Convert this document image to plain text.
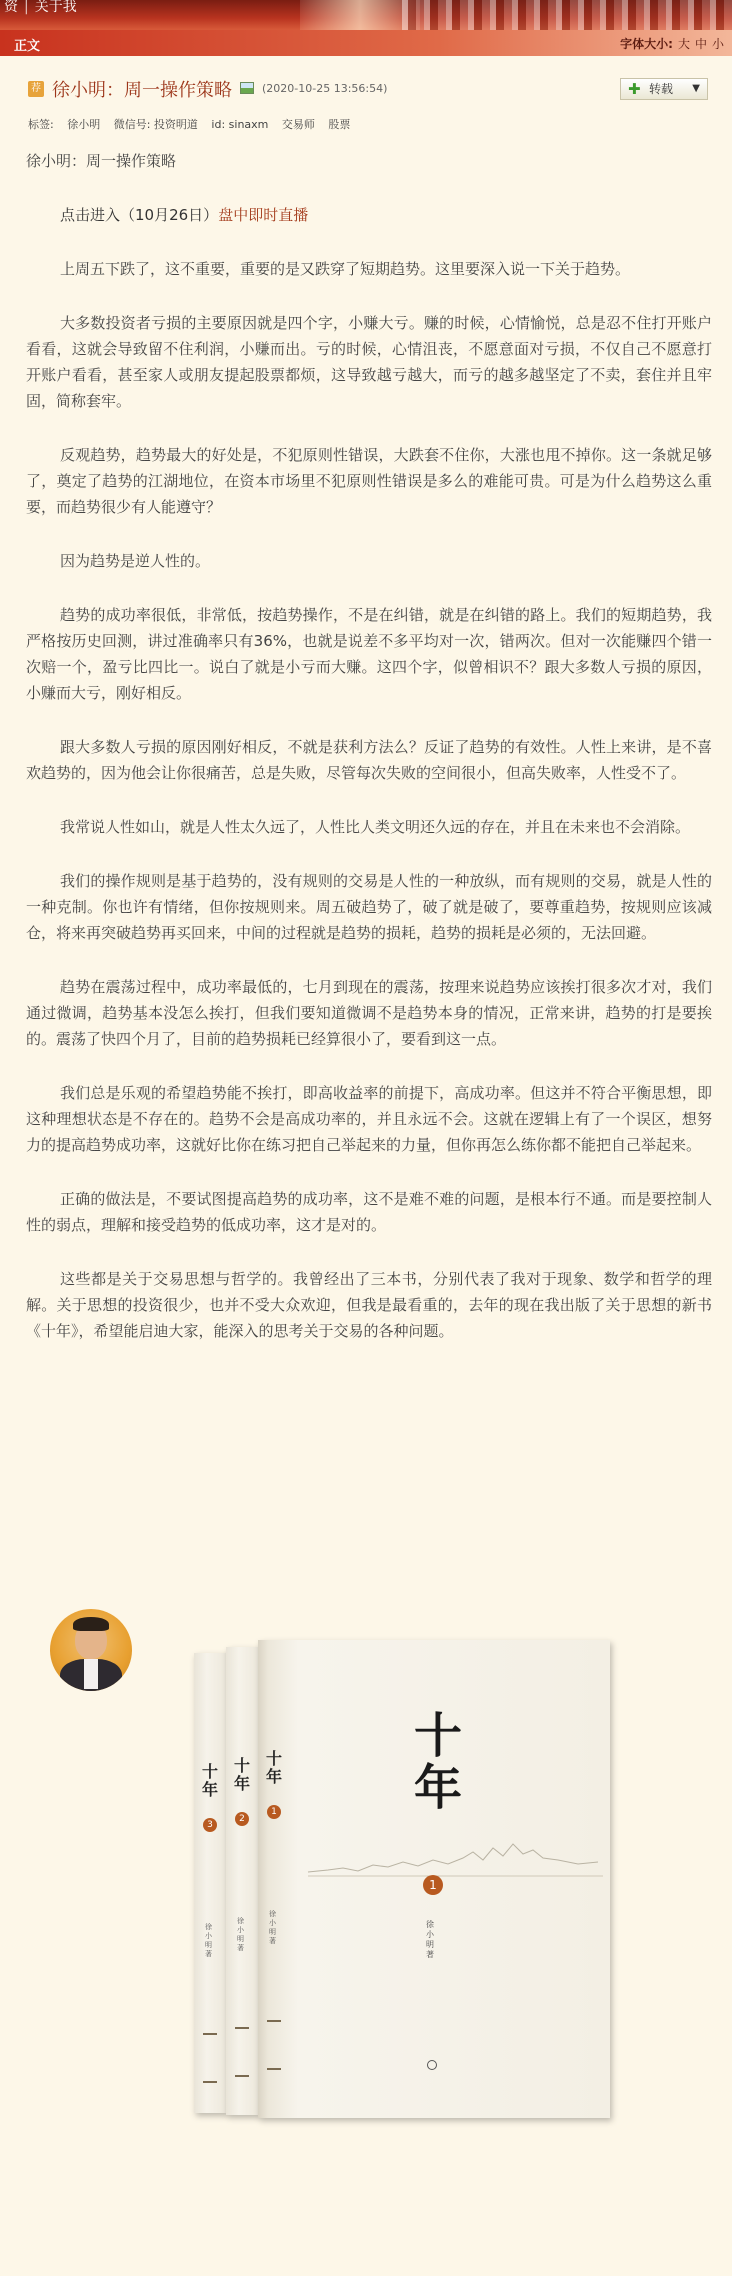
资 | 关于我
正文	字体大小: 大 中 小
荐 徐小明：周一操作策略	(2020-10-25 13:56:54)	✚ 转载 ▼
标签: 徐小明 微信号: 投资明道 id: sinaxm 交易师 股票

徐小明：周一操作策略

点击进入（10月26日）盘中即时直播

上周五下跌了，这不重要，重要的是又跌穿了短期趋势。这里要深入说一下关于趋势。

大多数投资者亏损的主要原因就是四个字，小赚大亏。赚的时候，心情愉悦，总是忍不住打开账户看看，这就会导致留不住利润，小赚而出。亏的时候，心情沮丧，不愿意面对亏损，不仅自己不愿意打开账户看看，甚至家人或朋友提起股票都烦，这导致越亏越大，而亏的越多越坚定了不卖，套住并且牢固，简称套牢。

反观趋势，趋势最大的好处是，不犯原则性错误，大跌套不住你，大涨也甩不掉你。这一条就足够了，奠定了趋势的江湖地位，在资本市场里不犯原则性错误是多么的难能可贵。可是为什么趋势这么重要，而趋势很少有人能遵守？

因为趋势是逆人性的。

趋势的成功率很低，非常低，按趋势操作，不是在纠错，就是在纠错的路上。我们的短期趋势，我严格按历史回测，讲过准确率只有36%，也就是说差不多平均对一次，错两次。但对一次能赚四个错一次赔一个，盈亏比四比一。说白了就是小亏而大赚。这四个字，似曾相识不？跟大多数人亏损的原因，小赚而大亏，刚好相反。

跟大多数人亏损的原因刚好相反，不就是获利方法么？反证了趋势的有效性。人性上来讲，是不喜欢趋势的，因为他会让你很痛苦，总是失败，尽管每次失败的空间很小，但高失败率，人性受不了。

我常说人性如山，就是人性太久远了，人性比人类文明还久远的存在，并且在未来也不会消除。

我们的操作规则是基于趋势的，没有规则的交易是人性的一种放纵，而有规则的交易，就是人性的一种克制。你也许有情绪，但你按规则来。周五破趋势了，破了就是破了，要尊重趋势，按规则应该减仓，将来再突破趋势再买回来，中间的过程就是趋势的损耗，趋势的损耗是必须的，无法回避。

趋势在震荡过程中，成功率最低的，七月到现在的震荡，按理来说趋势应该挨打很多次才对，我们通过微调，趋势基本没怎么挨打，但我们要知道微调不是趋势本身的情况，正常来讲，趋势的打是要挨的。震荡了快四个月了，目前的趋势损耗已经算很小了，要看到这一点。

我们总是乐观的希望趋势能不挨打，即高收益率的前提下，高成功率。但这并不符合平衡思想，即这种理想状态是不存在的。趋势不会是高成功率的，并且永远不会。这就在逻辑上有了一个误区，想努力的提高趋势成功率，这就好比你在练习把自己举起来的力量，但你再怎么练你都不能把自己举起来。

正确的做法是，不要试图提高趋势的成功率，这不是难不难的问题，是根本行不通。而是要控制人性的弱点，理解和接受趋势的低成功率，这才是对的。

这些都是关于交易思想与哲学的。我曾经出了三本书，分别代表了我对于现象、数学和哲学的理解。关于思想的投资很少，也并不受大众欢迎，但我是最看重的，去年的现在我出版了关于思想的新书《十年》，希望能启迪大家，能深入的思考关于交易的各种问题。

十年
3
徐小明 著
十年
2
徐小明 著
十年
1
徐小明 著
十年
1
徐小明 著
